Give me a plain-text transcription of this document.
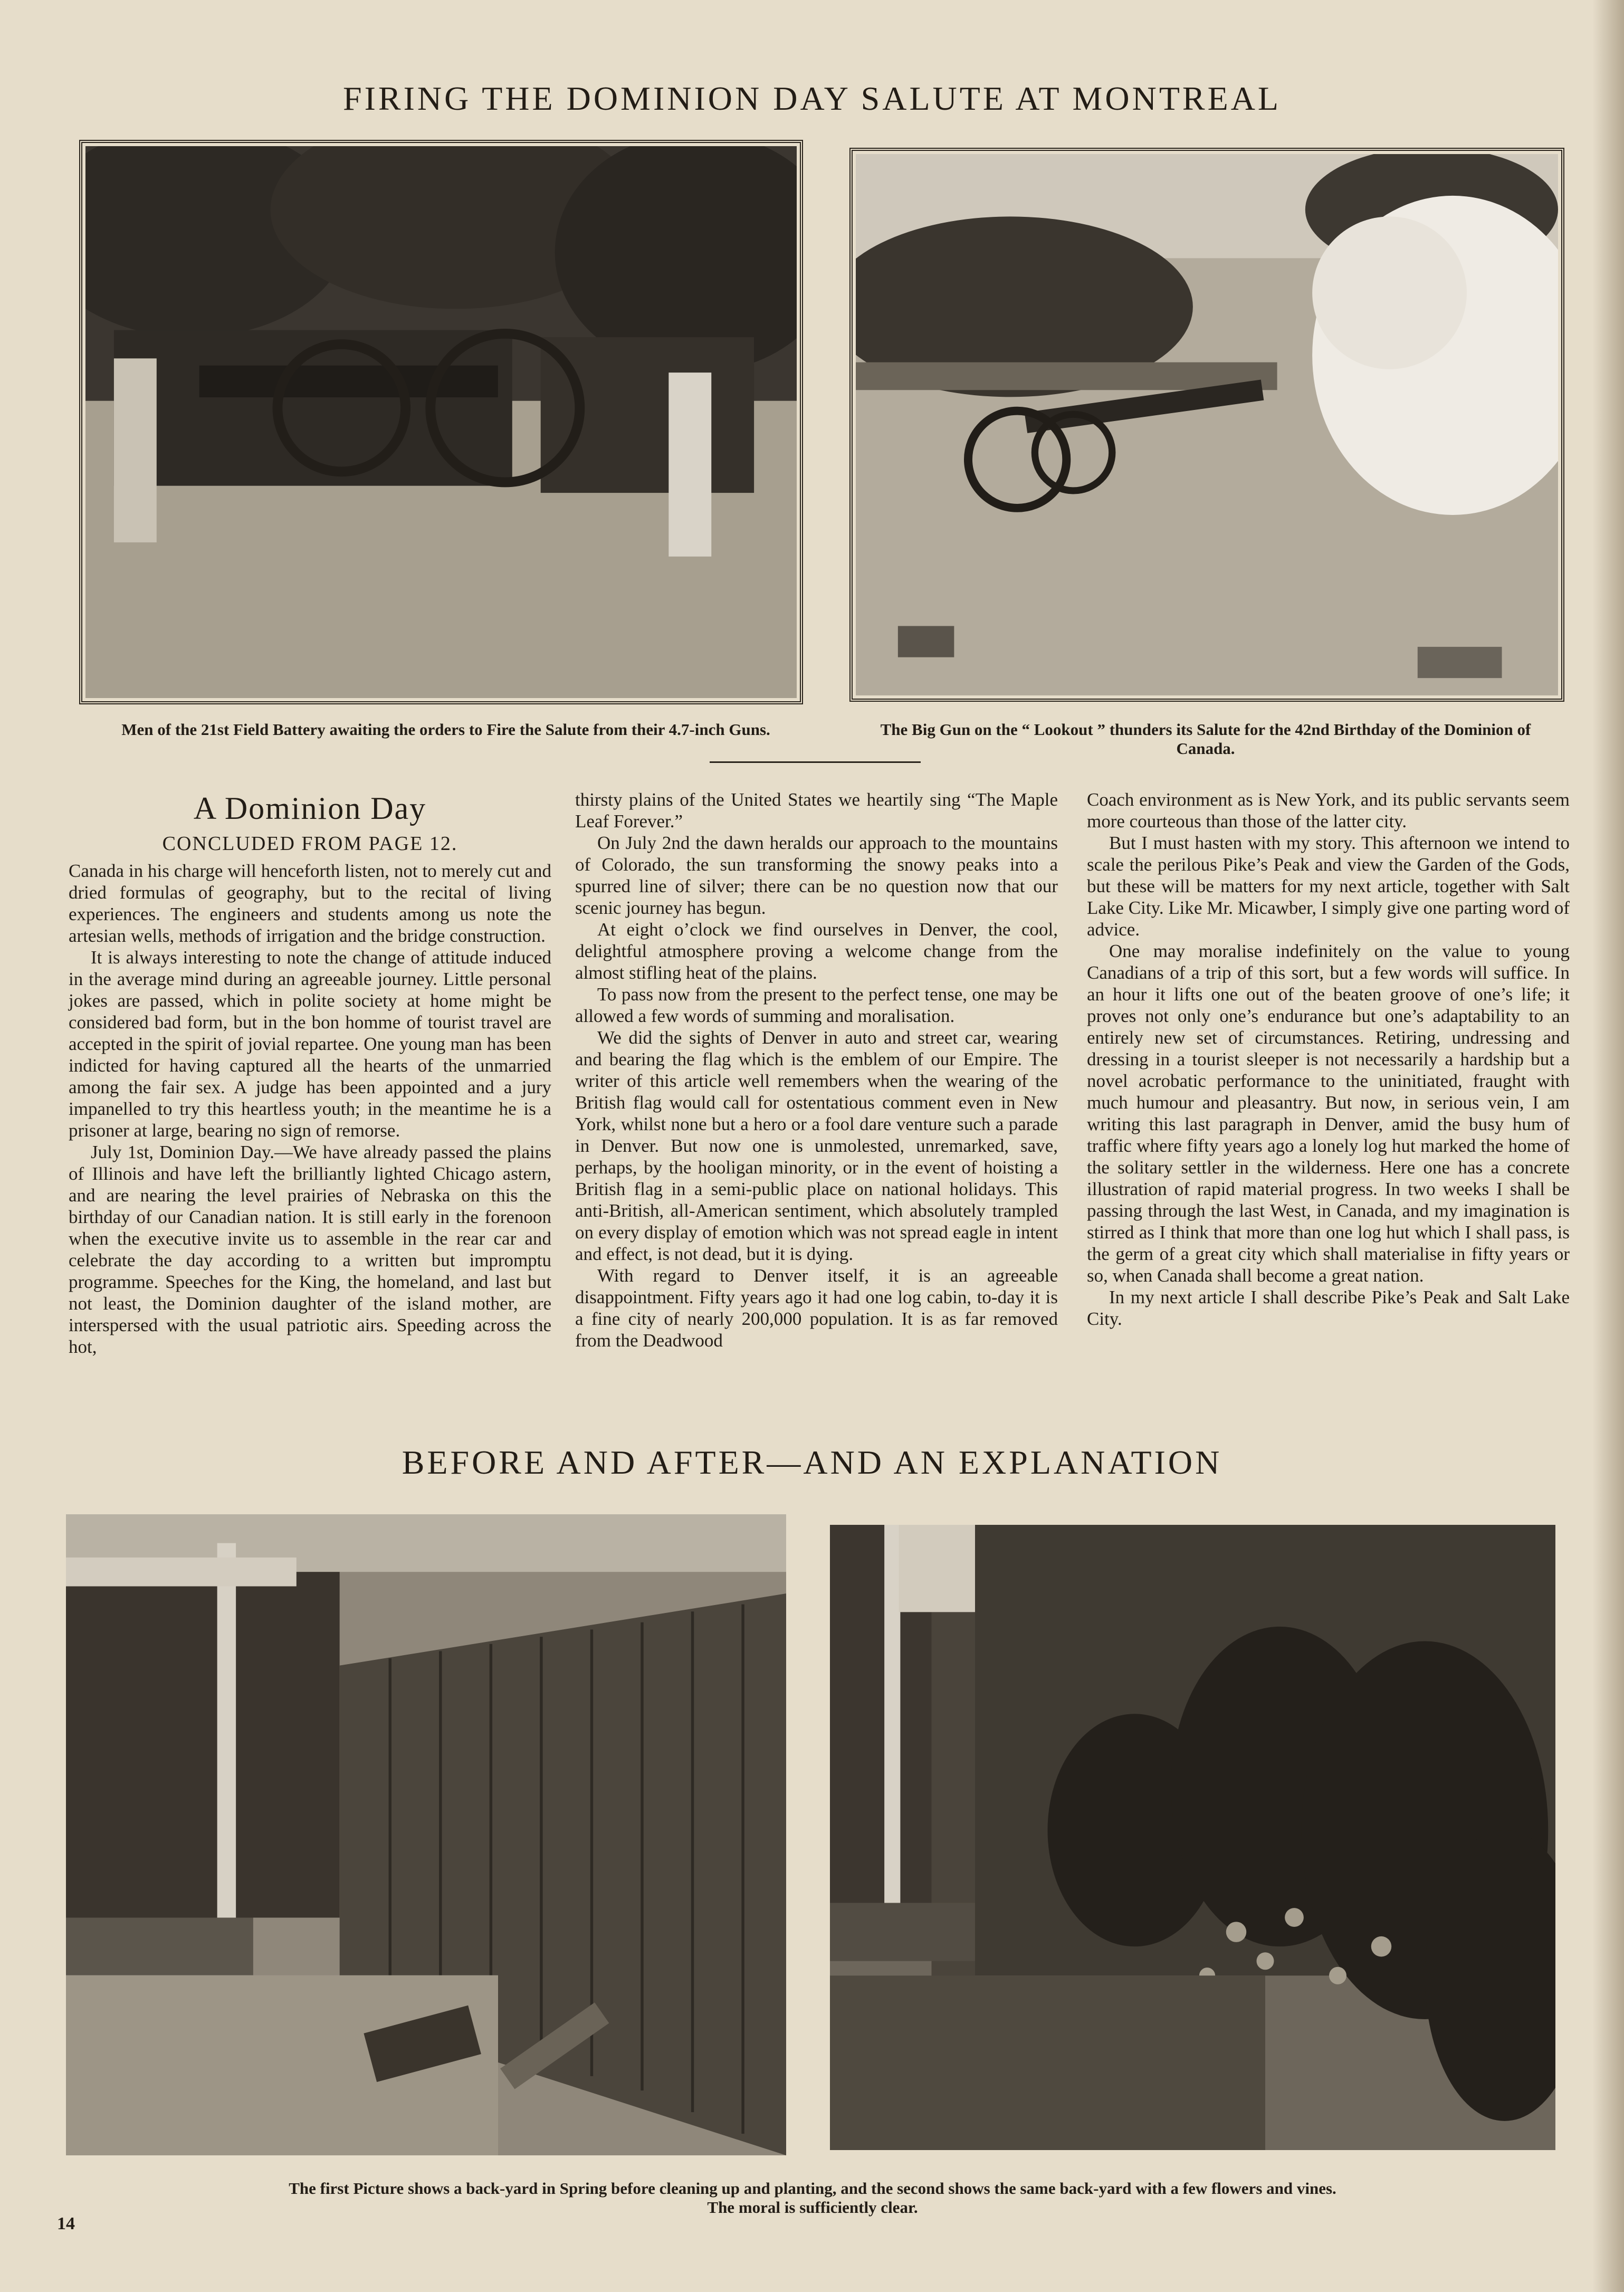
FIRING THE DOMINION DAY SALUTE AT MONTREAL
Men of the 21st Field Battery awaiting the orders to Fire the Salute from their 4.7-inch Guns.	The Big Gun on the “ Lookout ” thunders its Salute for the 42nd Birthday of the Dominion of Canada.
A Dominion Day
CONCLUDED FROM PAGE 12.

Canada in his charge will henceforth listen, not to merely cut and dried formulas of geography, but to the recital of living experiences. The engineers and students among us note the artesian wells, methods of irrigation and the bridge construction.

It is always interesting to note the change of attitude induced in the average mind during an agreeable journey. Little personal jokes are passed, which in polite society at home might be considered bad form, but in the bon homme of tourist travel are accepted in the spirit of jovial repartee. One young man has been indicted for having captured all the hearts of the unmarried among the fair sex. A judge has been appointed and a jury impanelled to try this heartless youth; in the meantime he is a prisoner at large, bearing no sign of remorse.

July 1st, Dominion Day.—We have already passed the plains of Illinois and have left the brilliantly lighted Chicago astern, and are nearing the level prairies of Nebraska on this the birthday of our Canadian nation. It is still early in the forenoon when the executive invite us to assemble in the rear car and celebrate the day according to a written but impromptu programme. Speeches for the King, the homeland, and last but not least, the Dominion daughter of the island mother, are interspersed with the usual patriotic airs. Speeding across the hot,

thirsty plains of the United States we heartily sing “The Maple Leaf Forever.”

On July 2nd the dawn heralds our approach to the mountains of Colorado, the sun transforming the snowy peaks into a spurred line of silver; there can be no question now that our scenic journey has begun.

At eight o’clock we find ourselves in Denver, the cool, delightful atmosphere proving a welcome change from the almost stifling heat of the plains.

To pass now from the present to the perfect tense, one may be allowed a few words of summing and moralisation.

We did the sights of Denver in auto and street car, wearing and bearing the flag which is the emblem of our Empire. The writer of this article well remembers when the wearing of the British flag would call for ostentatious comment even in New York, whilst none but a hero or a fool dare venture such a parade in Denver. But now one is unmolested, unremarked, save, perhaps, by the hooligan minority, or in the event of hoisting a British flag in a semi-public place on national holidays. This anti-British, all-American sentiment, which absolutely trampled on every display of emotion which was not spread eagle in intent and effect, is not dead, but it is dying.

With regard to Denver itself, it is an agreeable disappointment. Fifty years ago it had one log cabin, to-day it is a fine city of nearly 200,000 population. It is as far removed from the Deadwood

Coach environment as is New York, and its public servants seem more courteous than those of the latter city.

But I must hasten with my story. This afternoon we intend to scale the perilous Pike’s Peak and view the Garden of the Gods, but these will be matters for my next article, together with Salt Lake City. Like Mr. Micawber, I simply give one parting word of advice.

One may moralise indefinitely on the value to young Canadians of a trip of this sort, but a few words will suffice. In an hour it lifts one out of the beaten groove of one’s life; it proves not only one’s endurance but one’s adaptability to an entirely new set of circumstances. Retiring, undressing and dressing in a tourist sleeper is not necessarily a hardship but a novel acrobatic performance to the uninitiated, fraught with much humour and pleasantry. But now, in serious vein, I am writing this last paragraph in Denver, amid the busy hum of traffic where fifty years ago a lonely log hut marked the home of the solitary settler in the wilderness. Here one has a concrete illustration of rapid material progress. In two weeks I shall be passing through the last West, in Canada, and my imagination is stirred as I think that more than one log hut which I shall pass, is the germ of a great city which shall materialise in fifty years or so, when Canada shall become a great nation.

In my next article I shall describe Pike’s Peak and Salt Lake City.

BEFORE AND AFTER—AND AN EXPLANATION
The first Picture shows a back-yard in Spring before cleaning up and planting, and the second shows the same back-yard with a few flowers and vines.
The moral is sufficiently clear.
14
